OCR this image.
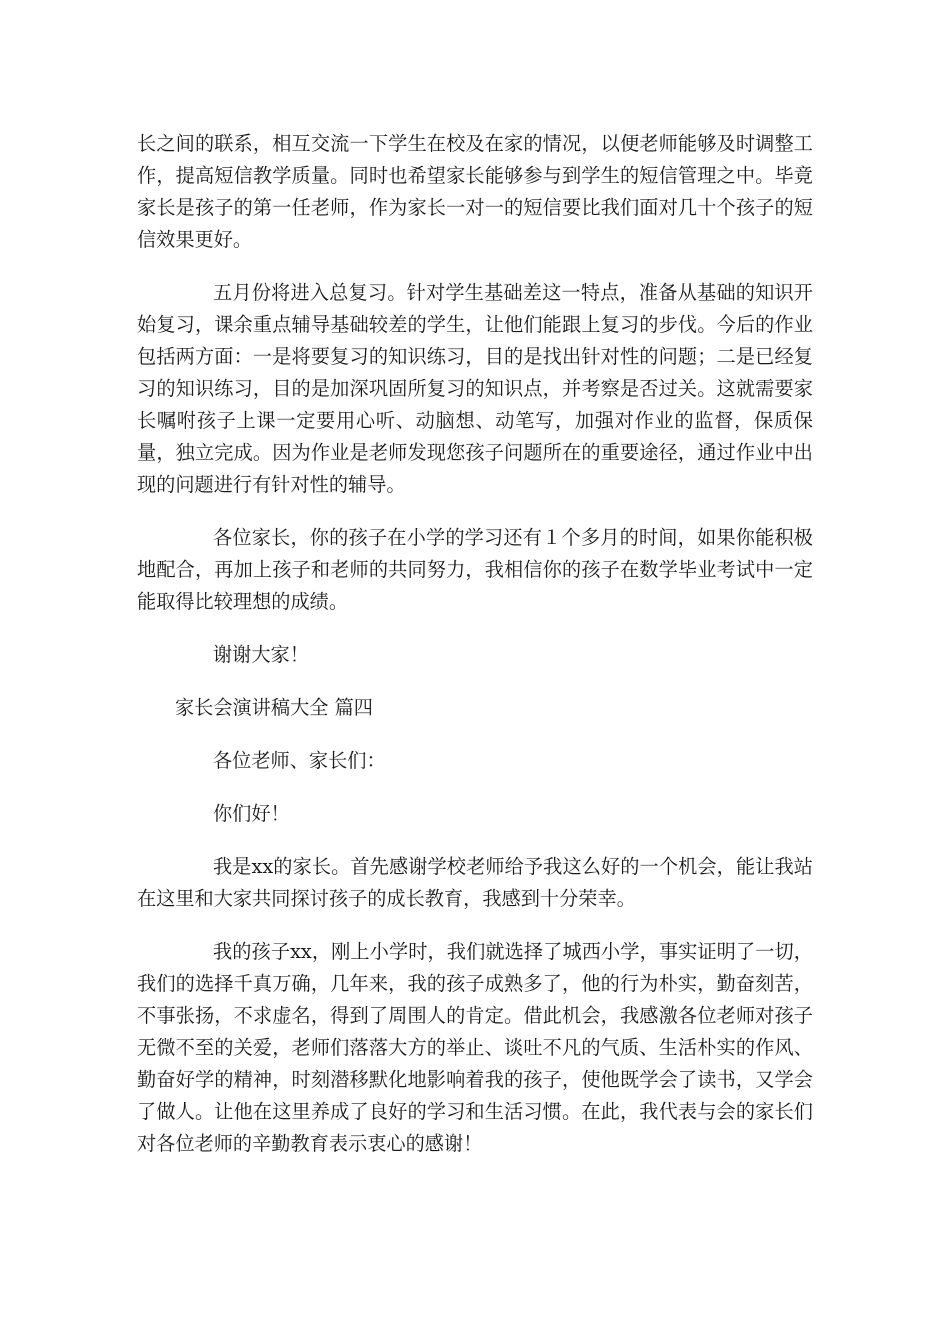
长之间的联系，相互交流一下学生在校及在家的情况，以便老师能够及时调整工作，提高短信教学质量。同时也希望家长能够参与到学生的短信管理之中。毕竟家长是孩子的第一任老师，作为家长一对一的短信要比我们面对几十个孩子的短信效果更好。

五月份将进入总复习。针对学生基础差这一特点，准备从基础的知识开始复习，课余重点辅导基础较差的学生，让他们能跟上复习的步伐。今后的作业包括两方面：一是将要复习的知识练习，目的是找出针对性的问题；二是已经复习的知识练习，目的是加深巩固所复习的知识点，并考察是否过关。这就需要家长嘱咐孩子上课一定要用心听、动脑想、动笔写，加强对作业的监督，保质保量，独立完成。因为作业是老师发现您孩子问题所在的重要途径，通过作业中出现的问题进行有针对性的辅导。

各位家长，你的孩子在小学的学习还有１个多月的时间，如果你能积极地配合，再加上孩子和老师的共同努力，我相信你的孩子在数学毕业考试中一定能取得比较理想的成绩。

谢谢大家！

家长会演讲稿大全 篇四

各位老师、家长们：

你们好！

我是xx的家长。首先感谢学校老师给予我这么好的一个机会，能让我站在这里和大家共同探讨孩子的成长教育，我感到十分荣幸。

我的孩子xx，刚上小学时，我们就选择了城西小学，事实证明了一切，我们的选择千真万确，几年来，我的孩子成熟多了，他的行为朴实，勤奋刻苦，不事张扬，不求虚名，得到了周围人的肯定。借此机会，我感激各位老师对孩子无微不至的关爱，老师们落落大方的举止、谈吐不凡的气质、生活朴实的作风、勤奋好学的精神，时刻潜移默化地影响着我的孩子，使他既学会了读书，又学会了做人。让他在这里养成了良好的学习和生活习惯。在此，我代表与会的家长们对各位老师的辛勤教育表示衷心的感谢！
